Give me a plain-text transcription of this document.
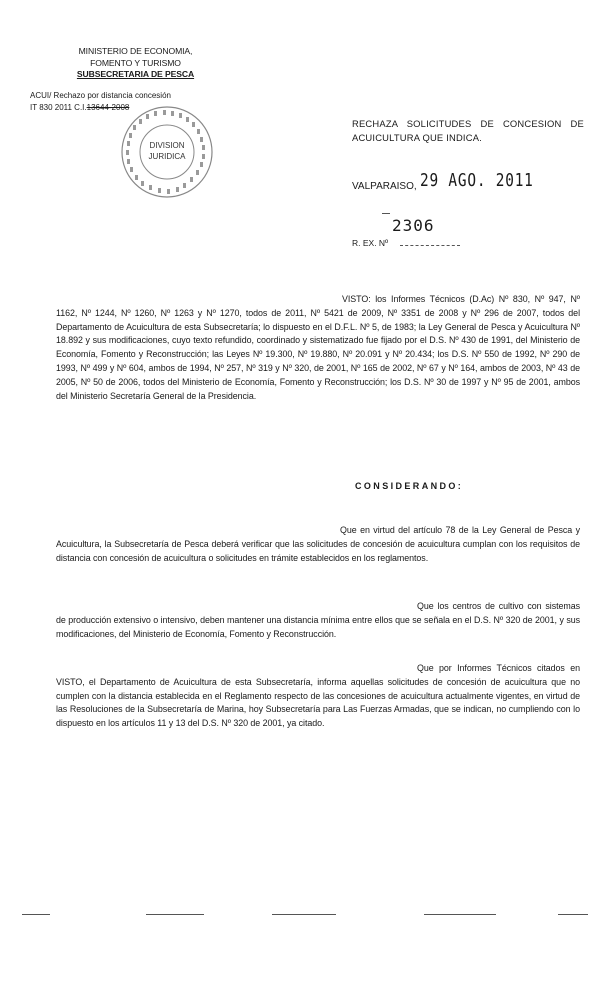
MINISTERIO DE ECONOMIA,
FOMENTO Y TURISMO
SUBSECRETARIA DE PESCA
ACUI/ Rechazo por distancia concesión
IT 830 2011 C.I.13644-2008
DIVISION
JURIDICA
RECHAZA SOLICITUDES DE CONCESION DE ACUICULTURA QUE INDICA.
VALPARAISO, 29 AGO. 2011
2306
R. EX. Nº
VISTO: los Informes Técnicos (D.Ac) Nº 830, Nº 947, Nº 1162, Nº 1244, Nº 1260, Nº 1263 y Nº 1270, todos de 2011, Nº 5421 de 2009, Nº 3351 de 2008 y Nº 296 de 2007, todos del Departamento de Acuicultura de esta Subsecretaría; lo dispuesto en el D.F.L. Nº 5, de 1983; la Ley General de Pesca y Acuicultura Nº 18.892 y sus modificaciones, cuyo texto refundido, coordinado y sistematizado fue fijado por el D.S. Nº 430 de 1991, del Ministerio de Economía, Fomento y Reconstrucción; las Leyes Nº 19.300, Nº 19.880, Nº 20.091 y Nº 20.434; los D.S. Nº 550 de 1992, Nº 290 de 1993, Nº 499 y Nº 604, ambos de 1994, Nº 257, Nº 319 y Nº 320, de 2001, Nº 165 de 2002, Nº 67 y Nº 164, ambos de 2003, Nº 43 de 2005, Nº 50 de 2006, todos del Ministerio de Economía, Fomento y Reconstrucción; los D.S. Nº 30 de 1997 y Nº 95 de 2001, ambos del Ministerio Secretaría General de la Presidencia.
CONSIDERANDO:
Que en virtud del artículo 78 de la Ley General de Pesca y Acuicultura, la Subsecretaría de Pesca deberá verificar que las solicitudes de concesión de acuicultura cumplan con los requisitos de distancia con concesión de acuicultura o solicitudes en trámite establecidos en los reglamentos.
Que los centros de cultivo con sistemas de producción extensivo o intensivo, deben mantener una distancia mínima entre ellos que se señala en el D.S. Nº 320 de 2001, y sus modificaciones, del Ministerio de Economía, Fomento y Reconstrucción.
Que por Informes Técnicos citados en VISTO, el Departamento de Acuicultura de esta Subsecretaría, informa aquellas solicitudes de concesión de acuicultura que no cumplen con la distancia establecida en el Reglamento respecto de las concesiones de acuicultura actualmente vigentes, en virtud de las Resoluciones de la Subsecretaría de Marina, hoy Subsecretaría para Las Fuerzas Armadas, que se indican, no cumpliendo con lo dispuesto en los artículos 11 y 13 del D.S. Nº 320 de 2001, ya citado.
